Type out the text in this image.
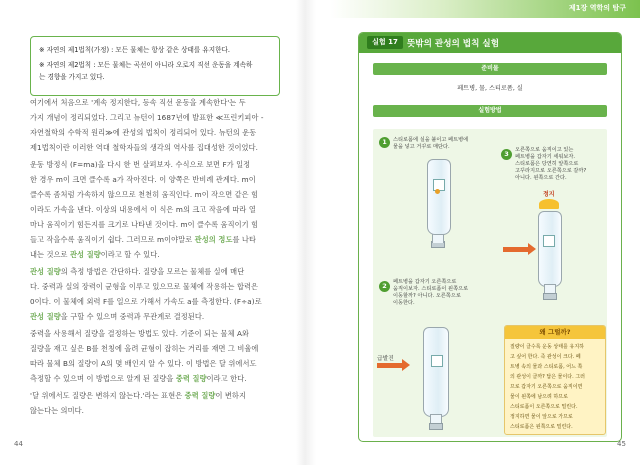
제1장 역학의 탐구
※ 자연의 제1법칙(가정) : 모든 물체는 항상 같은 상태를 유지한다.
※ 자연의 제2법칙 : 모든 물체는 곡선이 아니라 오로지 직선 운동을 계속하
는 경향을 가지고 있다.
여기에서 처음으로 '계속 정지한다, 등속 직선 운동을 계속한다'는 두
가지 개념이 정리되었다. 그리고 뉴턴이 1687년에 발표한 ≪프린키피아 -
자연철학의 수학적 원리≫에 관성의 법칙이 정리되어 있다. 뉴턴의 운동
제1법칙이란 이러한 역대 철학자들의 생각의 역사를 집대성한 것이었다.
운동 방정식 (F=ma)을 다시 한 번 살펴보자. 수식으로 보면 F가 일정
한 경우 m이 크면 클수록 a가 작아진다. 이 양쪽은 반비례 관계다. m이
클수록 좀처럼 가속하지 않으므로 천천히 움직인다. m이 작으면 같은 힘
이라도 가속을 낸다. 이상의 내용에서 이 식은 m의 크고 작음에 따라 열
마나 움직이기 힘든지를 크기로 나타낸 것이다. m이 클수록 움직이기 힘
들고 작을수록 움직이기 쉽다. 그러므로 m이야말로 관성의 정도를 나타
내는 것으로 관성 질량이라고 할 수 있다.
관성 질량의 측정 방법은 간단하다. 질량을 모르는 물체를 실에 매단
다. 중력과 실의 장력이 균형을 이루고 있으므로 물체에 작용하는 합력은
0이다. 이 물체에 외력 F를 일으로 가해서 가속도 a를 측정한다. (F÷a)로
관성 질량을 구할 수 있으며 중력과 무관계로 결정된다.
중력을 사용해서 질량을 결정하는 방법도 있다. 기준이 되는 물체 A와
질량을 재고 싶은 B를 천칭에 올려 균형이 잡히는 거리를 재면 그 비율에
따라 물체 B의 질량이 A의 몇 배인지 알 수 있다. 이 방법은 달 위에서도
측정할 수 있으며 이 방법으로 알게 된 질량을 중력 질량이라고 한다.
'달 위에서도 질량은 변하지 않는다.'라는 표현은 중력 질량이 변하지
않는다는 의미다.
44
실험 17	뜻밖의 관성의 법칙 실험
준비물
페트병, 물, 스티로폼, 실
실험방법
1	스티로폼에 실을 붙이고 페트병에
물을 넣고 거꾸로 매단다.
3	오른쪽으로 움직이고 있는
페트병을 갑자기 세워보자.
스티로폼은 당연히 앞쪽으로
고꾸라지므로 오른쪽으로 갈까?
아니다. 왼쪽으로 간다.
정지
2	페트병을 갑자기 오른쪽으로
움직이보자. 스티로폼이 왼쪽으로
이동할까? 아니다. 오른쪽으로
이동한다.
급발진
왜 그럴까?
질량이 클수록 운동 상태를 유지하
고 싶어 한다. 즉 관성이 크다. 페
트병 속의 물과 스티로폼, 어느 쪽
의 관성이 클까? 답은 물이다. 그러
므로 갑자기 오른쪽으로 움직이면
물이 왼쪽에 남으려 하므로
스티로폼이 오른쪽으로 밀린다.
정지하면 물이 앞으로 가므로
스티로폼은 왼쪽으로 밀린다.
45
